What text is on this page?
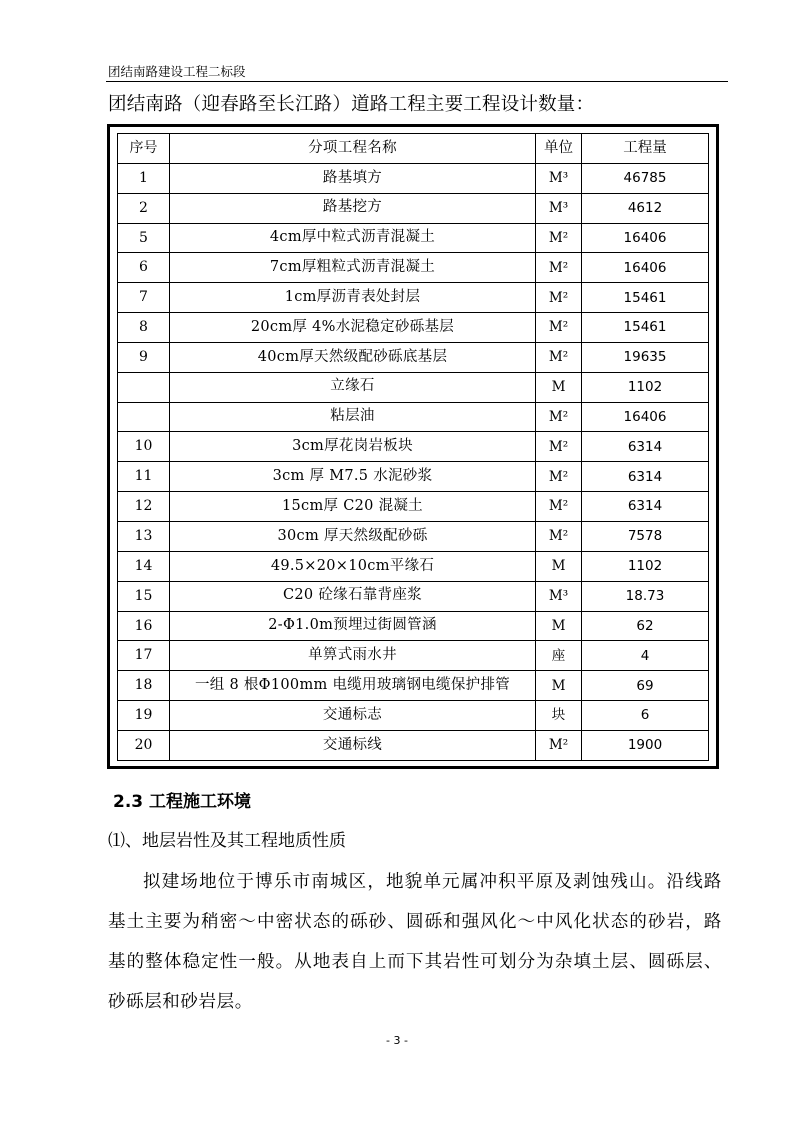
团结南路建设工程二标段
团结南路（迎春路至长江路）道路工程主要工程设计数量：
序号	分项工程名称	单位	工程量
1	路基填方	M³	46785
2	路基挖方	M³	4612
5	4cm厚中粒式沥青混凝土	M²	16406
6	7cm厚粗粒式沥青混凝土	M²	16406
7	1cm厚沥青表处封层	M²	15461
8	20cm厚 4%水泥稳定砂砾基层	M²	15461
9	40cm厚天然级配砂砾底基层	M²	19635
	立缘石	M	1102
	粘层油	M²	16406
10	3cm厚花岗岩板块	M²	6314
11	3cm 厚 M7.5 水泥砂浆	M²	6314
12	15cm厚 C20 混凝土	M²	6314
13	30cm 厚天然级配砂砾	M²	7578
14	49.5×20×10cm平缘石	M	1102
15	C20 砼缘石靠背座浆	M³	18.73
16	2-Φ1.0m预埋过街圆管涵	M	62
17	单箅式雨水井	座	4
18	一组 8 根Φ100mm 电缆用玻璃钢电缆保护排管	M	69
19	交通标志	块	6
20	交通标线	M²	1900
2.3 工程施工环境
⑴、地层岩性及其工程地质性质
拟建场地位于博乐市南城区，地貌单元属冲积平原及剥蚀残山。沿线路基土主要为稍密～中密状态的砾砂、圆砾和强风化～中风化状态的砂岩，路基的整体稳定性一般。从地表自上而下其岩性可划分为杂填土层、圆砾层、砂砾层和砂岩层。
- 3 -
